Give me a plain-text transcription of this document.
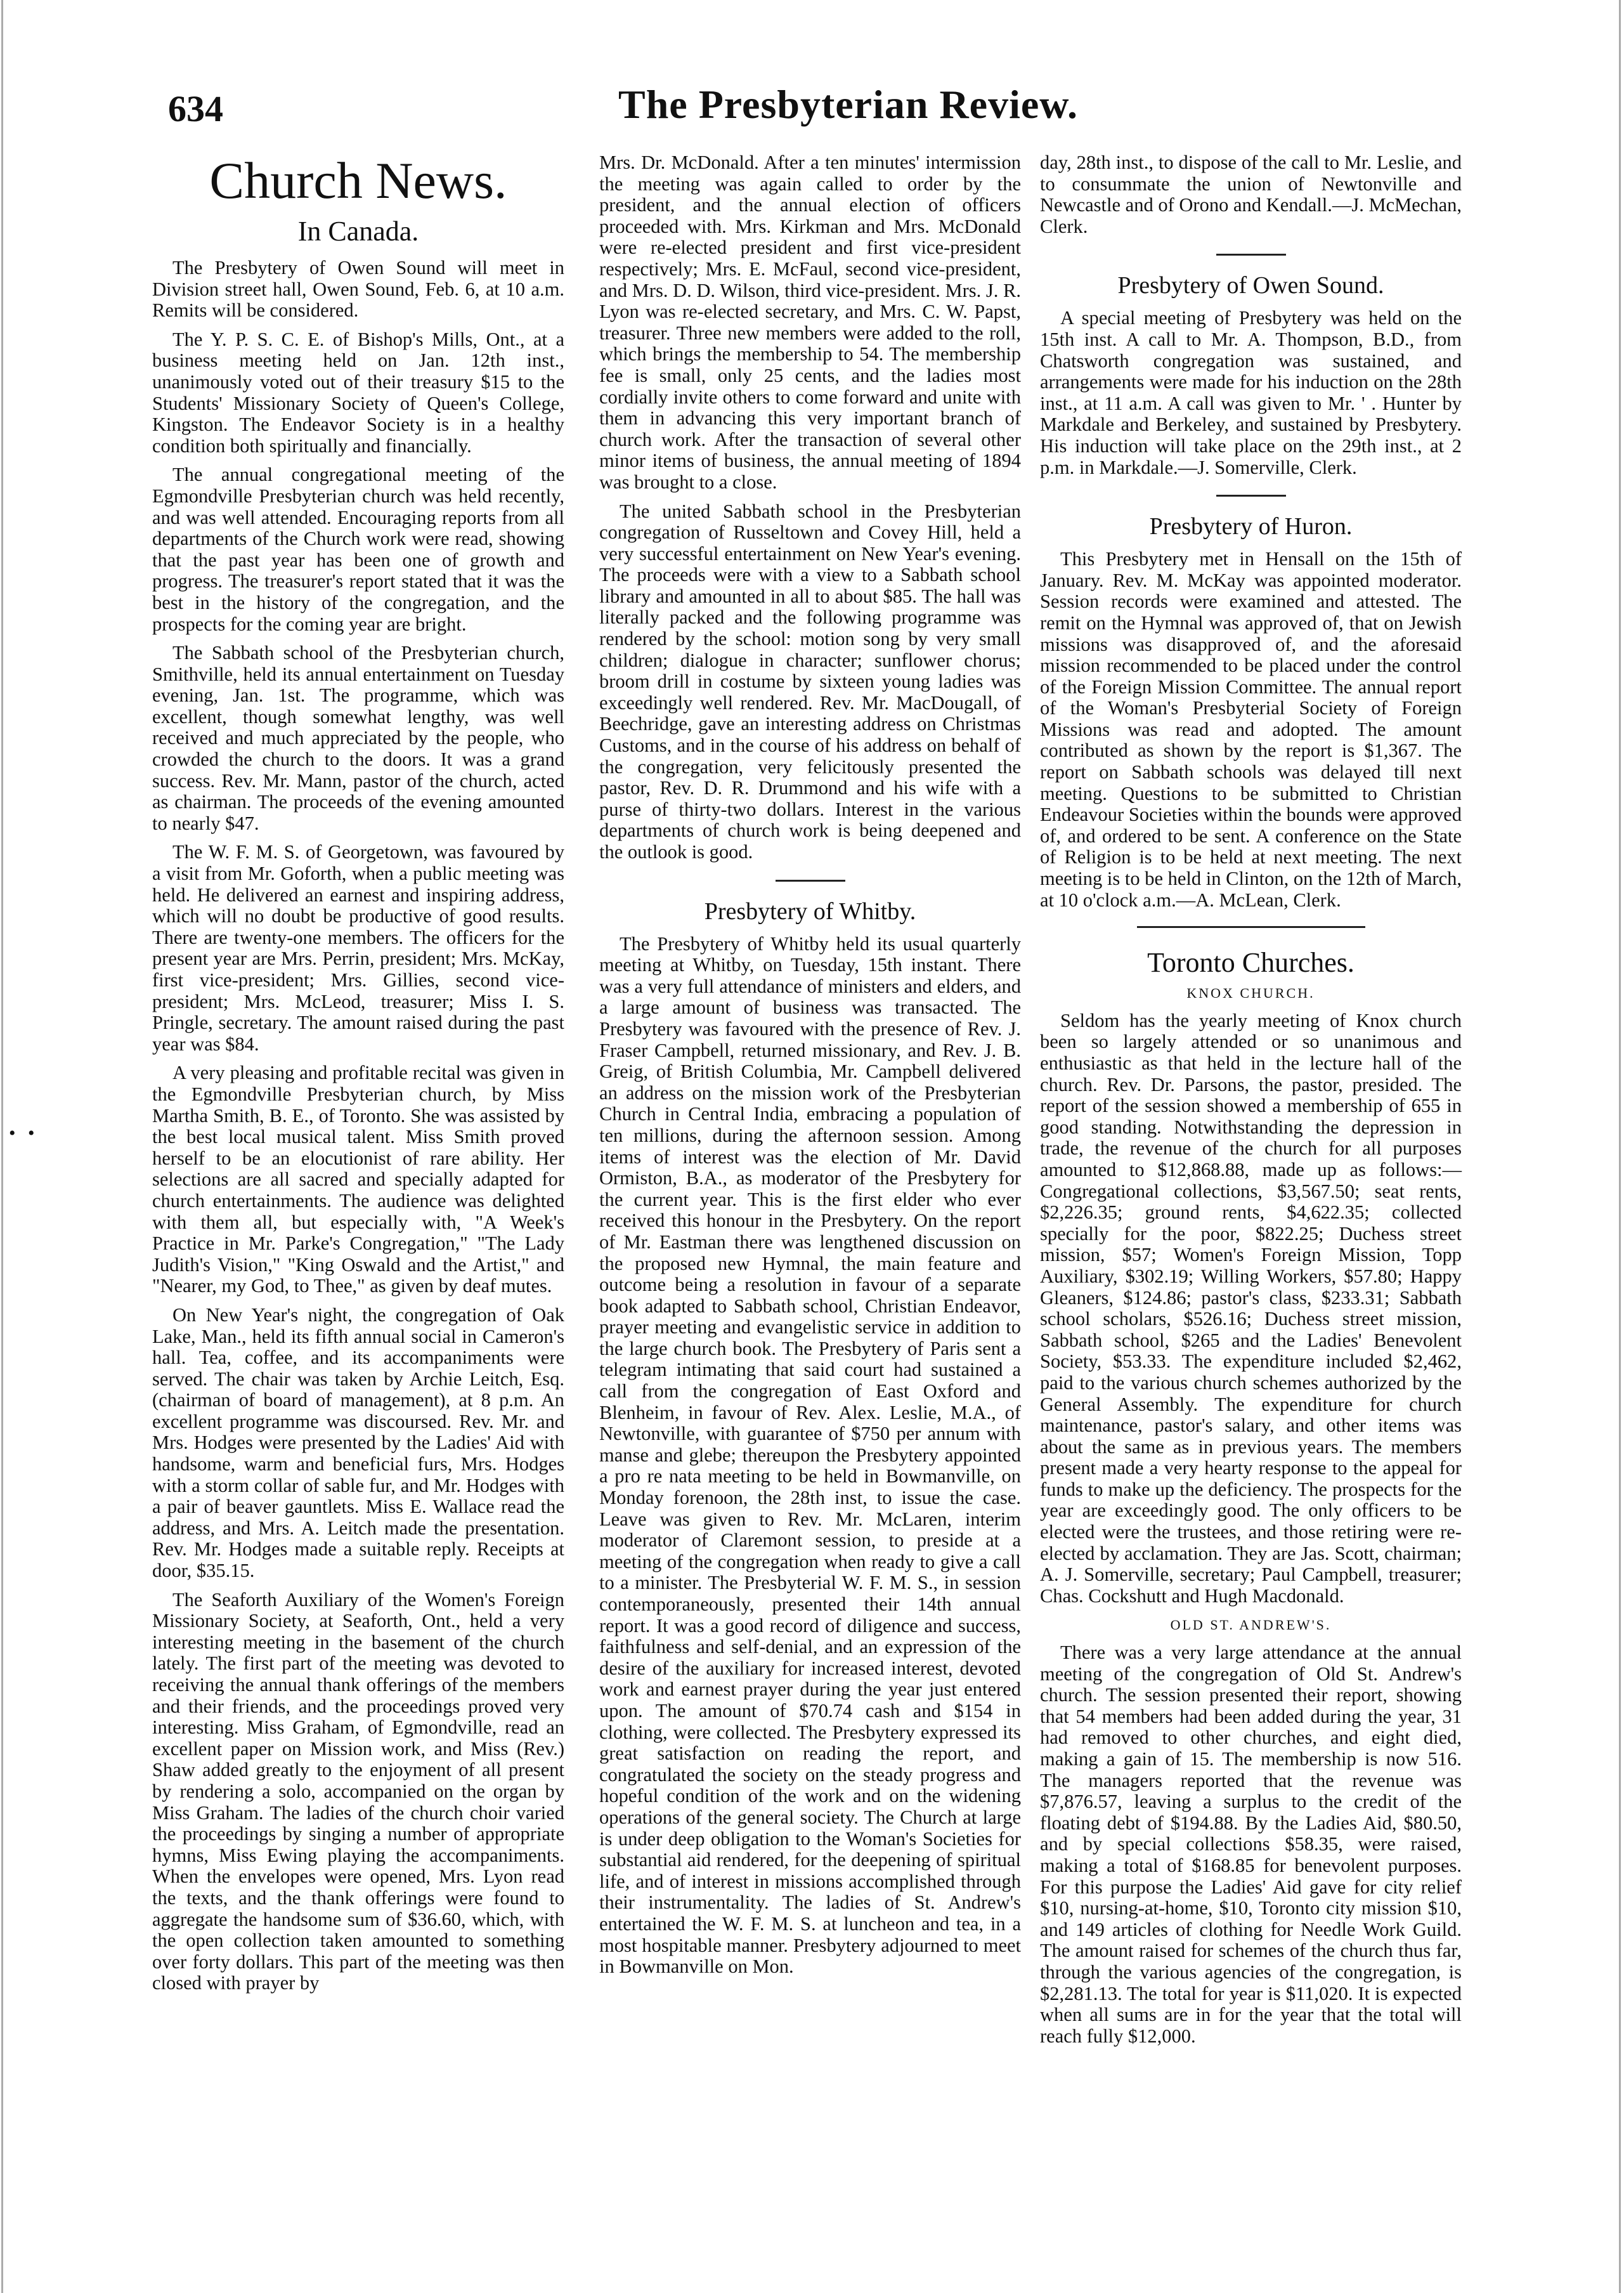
634	The Presbyterian Review.
• •
Church News.
In Canada.

The Presbytery of Owen Sound will meet in Division street hall, Owen Sound, Feb. 6, at 10 a.m. Remits will be considered.

The Y. P. S. C. E. of Bishop's Mills, Ont., at a business meeting held on Jan. 12th inst., unanimously voted out of their treasury $15 to the Students' Missionary Society of Queen's College, Kingston. The Endeavor Society is in a healthy condition both spiritually and financially.

The annual congregational meeting of the Egmondville Presbyterian church was held recently, and was well attended. Encouraging reports from all departments of the Church work were read, showing that the past year has been one of growth and progress. The treasurer's report stated that it was the best in the history of the congregation, and the prospects for the coming year are bright.

The Sabbath school of the Presbyterian church, Smithville, held its annual entertainment on Tuesday evening, Jan. 1st. The programme, which was excellent, though somewhat lengthy, was well received and much appreciated by the people, who crowded the church to the doors. It was a grand success. Rev. Mr. Mann, pastor of the church, acted as chairman. The proceeds of the evening amounted to nearly $47.

The W. F. M. S. of Georgetown, was favoured by a visit from Mr. Goforth, when a public meeting was held. He delivered an earnest and inspiring address, which will no doubt be productive of good results. There are twenty-one members. The officers for the present year are Mrs. Perrin, president; Mrs. McKay, first vice-president; Mrs. Gillies, second vice-president; Mrs. McLeod, treasurer; Miss I. S. Pringle, secretary. The amount raised during the past year was $84.

A very pleasing and profitable recital was given in the Egmondville Presbyterian church, by Miss Martha Smith, B. E., of Toronto. She was assisted by the best local musical talent. Miss Smith proved herself to be an elocutionist of rare ability. Her selections are all sacred and specially adapted for church entertainments. The audience was delighted with them all, but especially with, "A Week's Practice in Mr. Parke's Congregation," "The Lady Judith's Vision," "King Oswald and the Artist," and "Nearer, my God, to Thee," as given by deaf mutes.

On New Year's night, the congregation of Oak Lake, Man., held its fifth annual social in Cameron's hall. Tea, coffee, and its accompaniments were served. The chair was taken by Archie Leitch, Esq. (chairman of board of management), at 8 p.m. An excellent programme was discoursed. Rev. Mr. and Mrs. Hodges were presented by the Ladies' Aid with handsome, warm and beneficial furs, Mrs. Hodges with a storm collar of sable fur, and Mr. Hodges with a pair of beaver gauntlets. Miss E. Wallace read the address, and Mrs. A. Leitch made the presentation. Rev. Mr. Hodges made a suitable reply. Receipts at door, $35.15.

The Seaforth Auxiliary of the Women's Foreign Missionary Society, at Seaforth, Ont., held a very interesting meeting in the basement of the church lately. The first part of the meeting was devoted to receiving the annual thank offerings of the members and their friends, and the proceedings proved very interesting. Miss Graham, of Egmondville, read an excellent paper on Mission work, and Miss (Rev.) Shaw added greatly to the enjoyment of all present by rendering a solo, accompanied on the organ by Miss Graham. The ladies of the church choir varied the proceedings by singing a number of appropriate hymns, Miss Ewing playing the accompaniments. When the envelopes were opened, Mrs. Lyon read the texts, and the thank offerings were found to aggregate the handsome sum of $36.60, which, with the open collection taken amounted to something over forty dollars. This part of the meeting was then closed with prayer by

Mrs. Dr. McDonald. After a ten minutes' intermission the meeting was again called to order by the president, and the annual election of officers proceeded with. Mrs. Kirkman and Mrs. McDonald were re-elected president and first vice-president respectively; Mrs. E. McFaul, second vice-president, and Mrs. D. D. Wilson, third vice-president. Mrs. J. R. Lyon was re-elected secretary, and Mrs. C. W. Papst, treasurer. Three new members were added to the roll, which brings the membership to 54. The membership fee is small, only 25 cents, and the ladies most cordially invite others to come forward and unite with them in advancing this very important branch of church work. After the transaction of several other minor items of business, the annual meeting of 1894 was brought to a close.

The united Sabbath school in the Presbyterian congregation of Russeltown and Covey Hill, held a very successful entertainment on New Year's evening. The proceeds were with a view to a Sabbath school library and amounted in all to about $85. The hall was literally packed and the following programme was rendered by the school: motion song by very small children; dialogue in character; sunflower chorus; broom drill in costume by sixteen young ladies was exceedingly well rendered. Rev. Mr. MacDougall, of Beechridge, gave an interesting address on Christmas Customs, and in the course of his address on behalf of the congregation, very felicitously presented the pastor, Rev. D. R. Drummond and his wife with a purse of thirty-two dollars. Interest in the various departments of church work is being deepened and the outlook is good.

Presbytery of Whitby.

The Presbytery of Whitby held its usual quarterly meeting at Whitby, on Tuesday, 15th instant. There was a very full attendance of ministers and elders, and a large amount of business was transacted. The Presbytery was favoured with the presence of Rev. J. Fraser Campbell, returned missionary, and Rev. J. B. Greig, of British Columbia, Mr. Campbell delivered an address on the mission work of the Presbyterian Church in Central India, embracing a population of ten millions, during the afternoon session. Among items of interest was the election of Mr. David Ormiston, B.A., as moderator of the Presbytery for the current year. This is the first elder who ever received this honour in the Presbytery. On the report of Mr. Eastman there was lengthened discussion on the proposed new Hymnal, the main feature and outcome being a resolution in favour of a separate book adapted to Sabbath school, Christian Endeavor, prayer meeting and evangelistic service in addition to the large church book. The Presbytery of Paris sent a telegram intimating that said court had sustained a call from the congregation of East Oxford and Blenheim, in favour of Rev. Alex. Leslie, M.A., of Newtonville, with guarantee of $750 per annum with manse and glebe; thereupon the Presbytery appointed a pro re nata meeting to be held in Bowmanville, on Monday forenoon, the 28th inst, to issue the case. Leave was given to Rev. Mr. McLaren, interim moderator of Claremont session, to preside at a meeting of the congregation when ready to give a call to a minister. The Presbyterial W. F. M. S., in session contemporaneously, presented their 14th annual report. It was a good record of diligence and success, faithfulness and self-denial, and an expression of the desire of the auxiliary for increased interest, devoted work and earnest prayer during the year just entered upon. The amount of $70.74 cash and $154 in clothing, were collected. The Presbytery expressed its great satisfaction on reading the report, and congratulated the society on the steady progress and hopeful condition of the work and on the widening operations of the general society. The Church at large is under deep obligation to the Woman's Societies for substantial aid rendered, for the deepening of spiritual life, and of interest in missions accomplished through their instrumentality. The ladies of St. Andrew's entertained the W. F. M. S. at luncheon and tea, in a most hospitable manner. Presbytery adjourned to meet in Bowmanville on Mon.

day, 28th inst., to dispose of the call to Mr. Leslie, and to consummate the union of Newtonville and Newcastle and of Orono and Kendall.—J. McMechan, Clerk.

Presbytery of Owen Sound.

A special meeting of Presbytery was held on the 15th inst. A call to Mr. A. Thompson, B.D., from Chatsworth congregation was sustained, and arrangements were made for his induction on the 28th inst., at 11 a.m. A call was given to Mr. ' . Hunter by Markdale and Berkeley, and sustained by Presbytery. His induction will take place on the 29th inst., at 2 p.m. in Markdale.—J. Somerville, Clerk.

Presbytery of Huron.

This Presbytery met in Hensall on the 15th of January. Rev. M. McKay was appointed moderator. Session records were examined and attested. The remit on the Hymnal was approved of, that on Jewish missions was disapproved of, and the aforesaid mission recommended to be placed under the control of the Foreign Mission Committee. The annual report of the Woman's Presbyterial Society of Foreign Missions was read and adopted. The amount contributed as shown by the report is $1,367. The report on Sabbath schools was delayed till next meeting. Questions to be submitted to Christian Endeavour Societies within the bounds were approved of, and ordered to be sent. A conference on the State of Religion is to be held at next meeting. The next meeting is to be held in Clinton, on the 12th of March, at 10 o'clock a.m.—A. McLean, Clerk.

Toronto Churches.
KNOX CHURCH.

Seldom has the yearly meeting of Knox church been so largely attended or so unanimous and enthusiastic as that held in the lecture hall of the church. Rev. Dr. Parsons, the pastor, presided. The report of the session showed a membership of 655 in good standing. Notwithstanding the depression in trade, the revenue of the church for all purposes amounted to $12,868.88, made up as follows:—Congregational collections, $3,567.50; seat rents, $2,226.35; ground rents, $4,622.35; collected specially for the poor, $822.25; Duchess street mission, $57; Women's Foreign Mission, Topp Auxiliary, $302.19; Willing Workers, $57.80; Happy Gleaners, $124.86; pastor's class, $233.31; Sabbath school scholars, $526.16; Duchess street mission, Sabbath school, $265 and the Ladies' Benevolent Society, $53.33. The expenditure included $2,462, paid to the various church schemes authorized by the General Assembly. The expenditure for church maintenance, pastor's salary, and other items was about the same as in previous years. The members present made a very hearty response to the appeal for funds to make up the deficiency. The prospects for the year are exceedingly good. The only officers to be elected were the trustees, and those retiring were re-elected by acclamation. They are Jas. Scott, chairman; A. J. Somerville, secretary; Paul Campbell, treasurer; Chas. Cockshutt and Hugh Macdonald.

OLD ST. ANDREW'S.

There was a very large attendance at the annual meeting of the congregation of Old St. Andrew's church. The session presented their report, showing that 54 members had been added during the year, 31 had removed to other churches, and eight died, making a gain of 15. The membership is now 516. The managers reported that the revenue was $7,876.57, leaving a surplus to the credit of the floating debt of $194.88. By the Ladies Aid, $80.50, and by special collections $58.35, were raised, making a total of $168.85 for benevolent purposes. For this purpose the Ladies' Aid gave for city relief $10, nursing-at-home, $10, Toronto city mission $10, and 149 articles of clothing for Needle Work Guild. The amount raised for schemes of the church thus far, through the various agencies of the congregation, is $2,281.13. The total for year is $11,020. It is expected when all sums are in for the year that the total will reach fully $12,000.
